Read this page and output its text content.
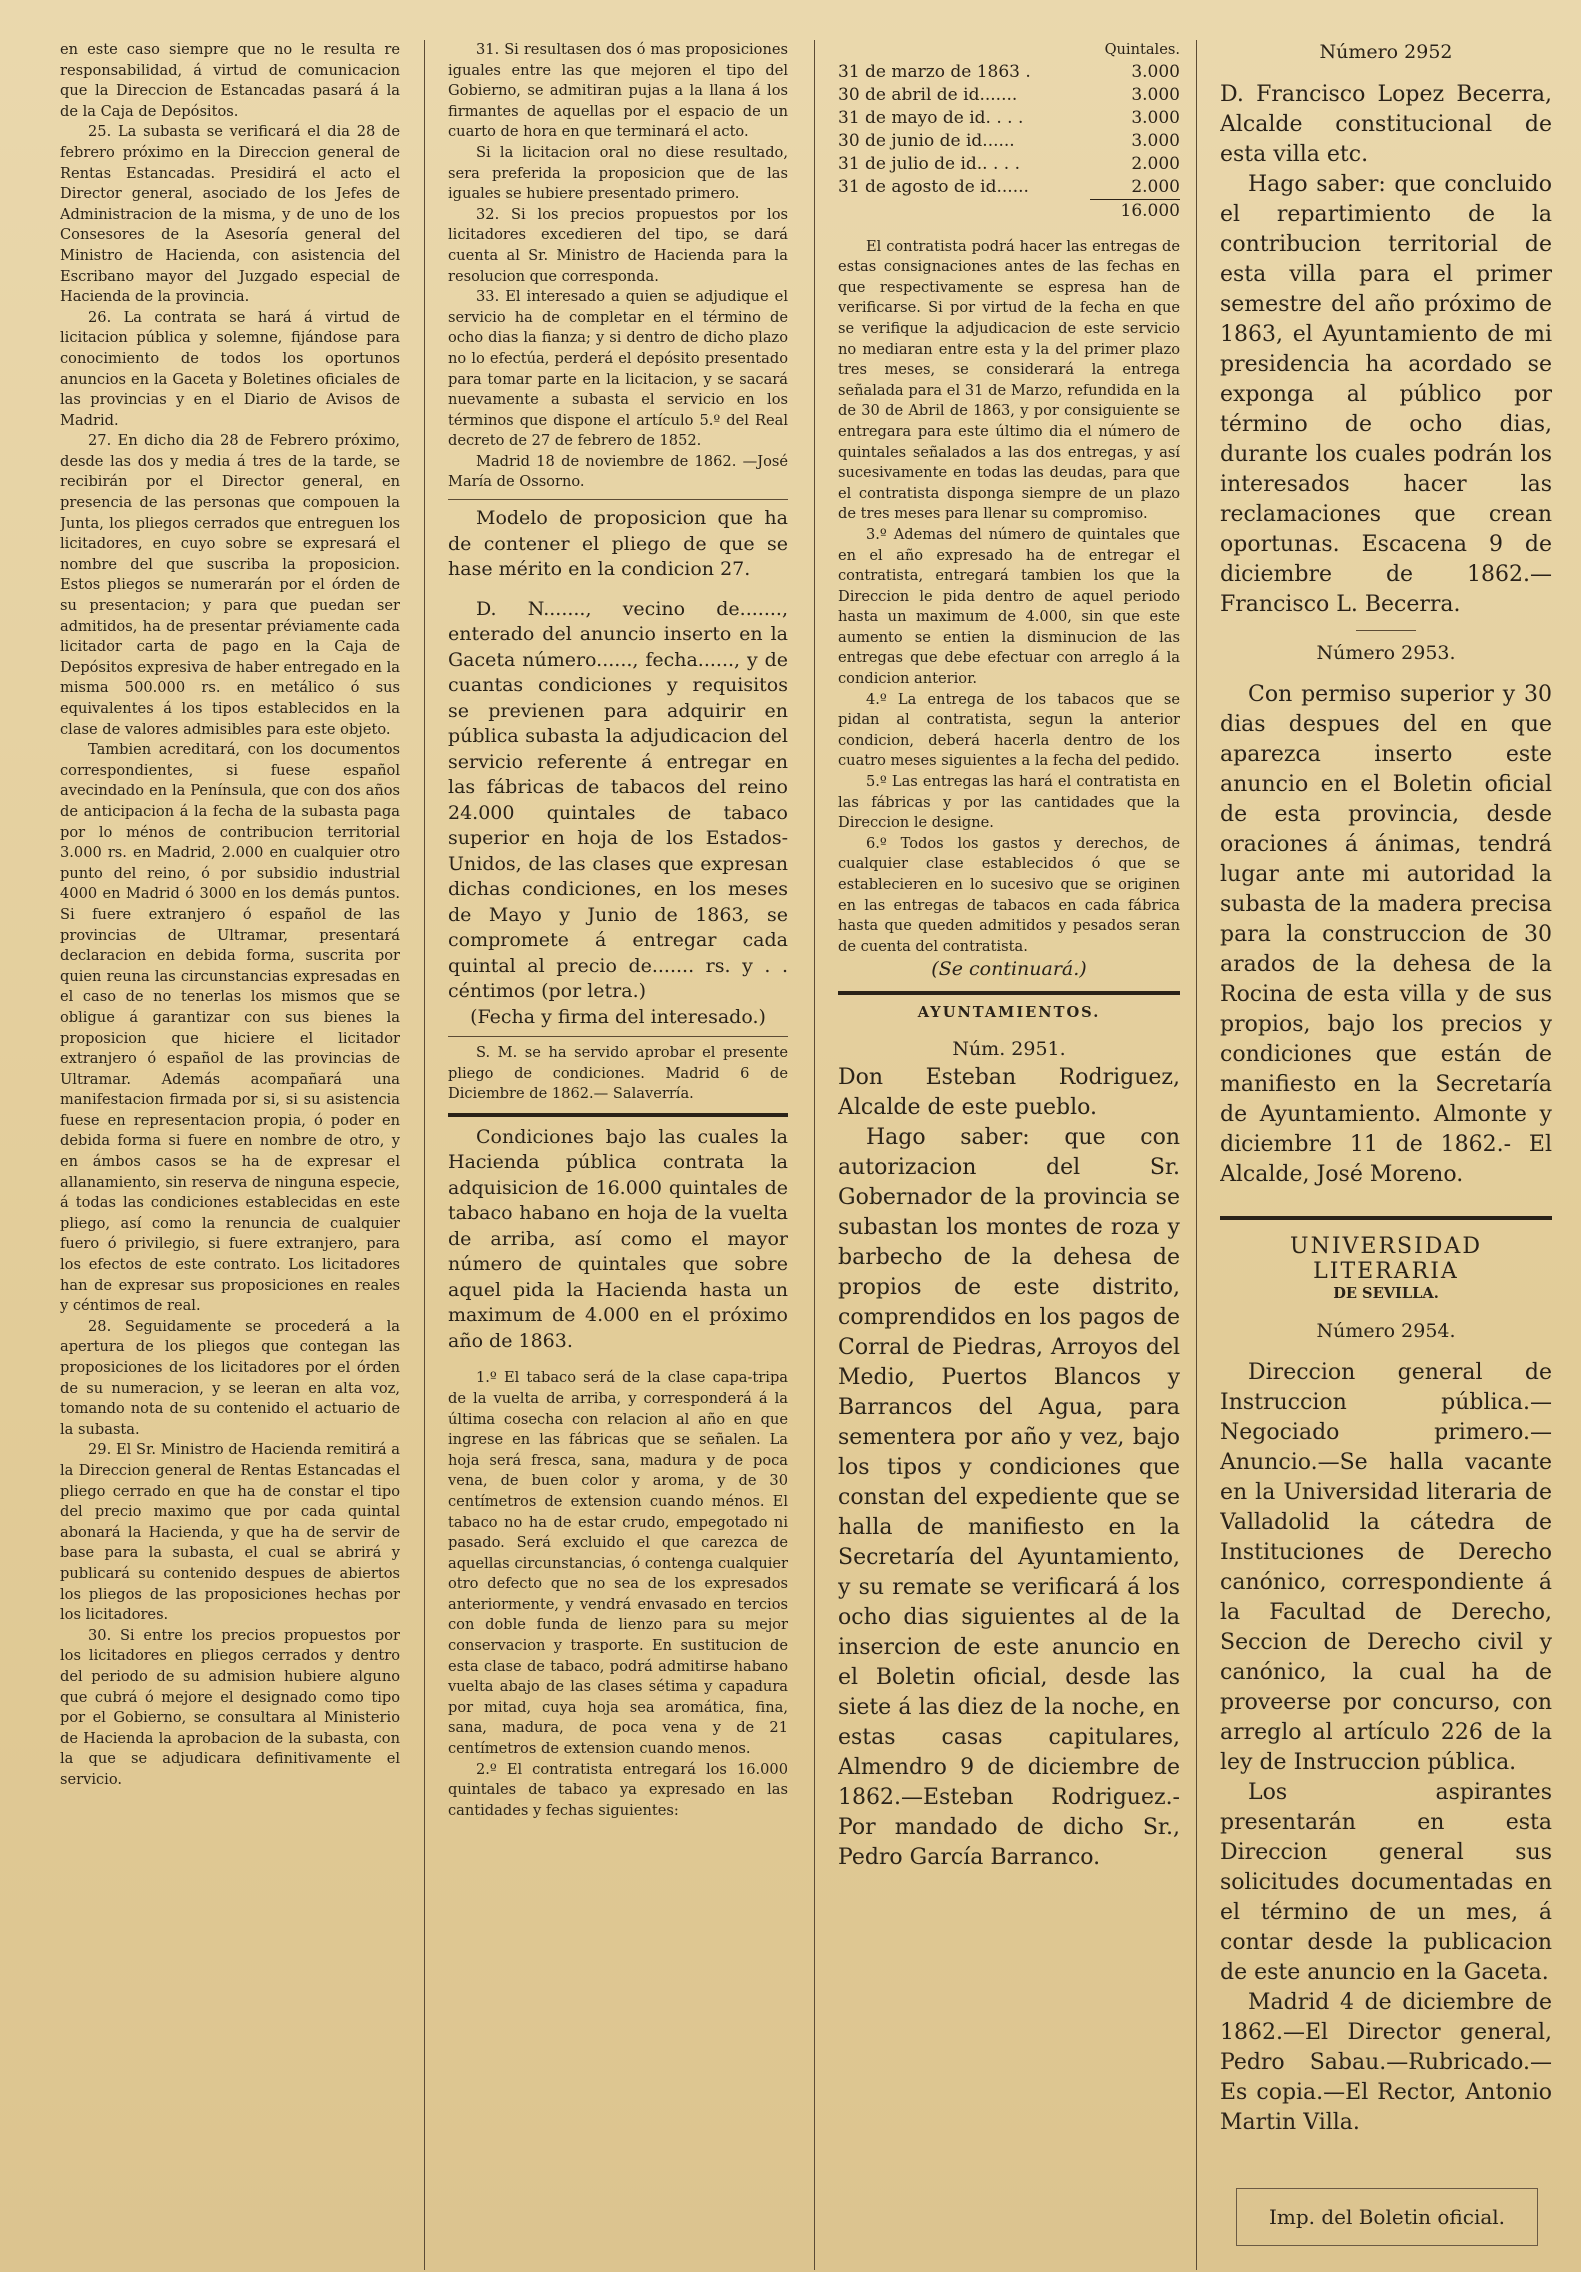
en este caso siempre que no le resulta re responsabilidad, á virtud de comunicacion que la Direccion de Estancadas pasará á la de la Caja de Depósitos.

25. La subasta se verificará el dia 28 de febrero próximo en la Direccion general de Rentas Estancadas. Presidirá el acto el Director general, asociado de los Jefes de Administracion de la misma, y de uno de los Consesores de la Asesoría general del Ministro de Hacienda, con asistencia del Escribano mayor del Juzgado especial de Hacienda de la provincia.

26. La contrata se hará á virtud de licitacion pública y solemne, fijándose para conocimiento de todos los oportunos anuncios en la Gaceta y Boletines oficiales de las provincias y en el Diario de Avisos de Madrid.

27. En dicho dia 28 de Febrero próximo, desde las dos y media á tres de la tarde, se recibirán por el Director general, en presencia de las personas que compouen la Junta, los pliegos cerrados que entreguen los licitadores, en cuyo sobre se expresará el nombre del que suscriba la proposicion. Estos pliegos se numerarán por el órden de su presentacion; y para que puedan ser admitidos, ha de presentar préviamente cada licitador carta de pago en la Caja de Depósitos expresiva de haber entregado en la misma 500.000 rs. en metálico ó sus equivalentes á los tipos establecidos en la clase de valores admisibles para este objeto.

Tambien acreditará, con los documentos correspondientes, si fuese español avecindado en la Península, que con dos años de anticipacion á la fecha de la subasta paga por lo ménos de contribucion territorial 3.000 rs. en Madrid, 2.000 en cualquier otro punto del reino, ó por subsidio industrial 4000 en Madrid ó 3000 en los demás puntos. Si fuere extranjero ó español de las provincias de Ultramar, presentará declaracion en debida forma, suscrita por quien reuna las circunstancias expresadas en el caso de no tenerlas los mismos que se obligue á garantizar con sus bienes la proposicion que hiciere el licitador extranjero ó español de las provincias de Ultramar. Además acompañará una manifestacion firmada por si, si su asistencia fuese en representacion propia, ó poder en debida forma si fuere en nombre de otro, y en ámbos casos se ha de expresar el allanamiento, sin reserva de ninguna especie, á todas las condiciones establecidas en este pliego, así como la renuncia de cualquier fuero ó privilegio, si fuere extranjero, para los efectos de este contrato. Los licitadores han de expresar sus proposiciones en reales y céntimos de real.

28. Seguidamente se procederá a la apertura de los pliegos que contegan las proposiciones de los licitadores por el órden de su numeracion, y se leeran en alta voz, tomando nota de su contenido el actuario de la subasta.

29. El Sr. Ministro de Hacienda remitirá a la Direccion general de Rentas Estancadas el pliego cerrado en que ha de constar el tipo del precio maximo que por cada quintal abonará la Hacienda, y que ha de servir de base para la subasta, el cual se abrirá y publicará su contenido despues de abiertos los pliegos de las proposiciones hechas por los licitadores.

30. Si entre los precios propuestos por los licitadores en pliegos cerrados y dentro del periodo de su admision hubiere alguno que cubrá ó mejore el designado como tipo por el Gobierno, se consultara al Ministerio de Hacienda la aprobacion de la subasta, con la que se adjudicara definitivamente el servicio.

31. Si resultasen dos ó mas proposiciones iguales entre las que mejoren el tipo del Gobierno, se admitiran pujas a la llana á los firmantes de aquellas por el espacio de un cuarto de hora en que terminará el acto.

Si la licitacion oral no diese resultado, sera preferida la proposicion que de las iguales se hubiere presentado primero.

32. Si los precios propuestos por los licitadores excedieren del tipo, se dará cuenta al Sr. Ministro de Hacienda para la resolucion que corresponda.

33. El interesado a quien se adjudique el servicio ha de completar en el término de ocho dias la fianza; y si dentro de dicho plazo no lo efectúa, perderá el depósito presentado para tomar parte en la licitacion, y se sacará nuevamente a subasta el servicio en los términos que dispone el artículo 5.º del Real decreto de 27 de febrero de 1852.

Madrid 18 de noviembre de 1862. —José María de Ossorno.

Modelo de proposicion que ha de contener el pliego de que se hase mérito en la condicion 27.

D. N......., vecino de......., enterado del anuncio inserto en la Gaceta número......, fecha......, y de cuantas condiciones y requisitos se previenen para adquirir en pública subasta la adjudicacion del servicio referente á entregar en las fábricas de tabacos del reino 24.000 quintales de tabaco superior en hoja de los Estados-Unidos, de las clases que expresan dichas condiciones, en los meses de Mayo y Junio de 1863, se compromete á entregar cada quintal al precio de....... rs. y . . céntimos (por letra.)

(Fecha y firma del interesado.)

S. M. se ha servido aprobar el presente pliego de condiciones. Madrid 6 de Diciembre de 1862.— Salaverría.

Condiciones bajo las cuales la Hacienda pública contrata la adquisicion de 16.000 quintales de tabaco habano en hoja de la vuelta de arriba, así como el mayor número de quintales que sobre aquel pida la Hacienda hasta un maximum de 4.000 en el próximo año de 1863.

1.º El tabaco será de la clase capa-tripa de la vuelta de arriba, y corresponderá á la última cosecha con relacion al año en que ingrese en las fábricas que se señalen. La hoja será fresca, sana, madura y de poca vena, de buen color y aroma, y de 30 centímetros de extension cuando ménos. El tabaco no ha de estar crudo, empegotado ni pasado. Será excluido el que carezca de aquellas circunstancias, ó contenga cualquier otro defecto que no sea de los expresados anteriormente, y vendrá envasado en tercios con doble funda de lienzo para su mejor conservacion y trasporte. En sustitucion de esta clase de tabaco, podrá admitirse habano vuelta abajo de las clases sétima y capadura por mitad, cuya hoja sea aromática, fina, sana, madura, de poca vena y de 21 centímetros de extension cuando menos.

2.º El contratista entregará los 16.000 quintales de tabaco ya expresado en las cantidades y fechas siguientes:

Quintales.

31 de marzo de 1863 .	3.000
30 de abril de id.......	3.000
31 de mayo de id. . . .	3.000
30 de junio de id......	3.000
31 de julio de id.. . . .	2.000
31 de agosto de id......	2.000
	16.000

El contratista podrá hacer las entregas de estas consignaciones antes de las fechas en que respectivamente se espresa han de verificarse. Si por virtud de la fecha en que se verifique la adjudicacion de este servicio no mediaran entre esta y la del primer plazo tres meses, se considerará la entrega señalada para el 31 de Marzo, refundida en la de 30 de Abril de 1863, y por consiguiente se entregara para este último dia el número de quintales señalados a las dos entregas, y así sucesivamente en todas las deudas, para que el contratista disponga siempre de un plazo de tres meses para llenar su compromiso.

3.º Ademas del número de quintales que en el año expresado ha de entregar el contratista, entregará tambien los que la Direccion le pida dentro de aquel periodo hasta un maximum de 4.000, sin que este aumento se entien la disminucion de las entregas que debe efectuar con arreglo á la condicion anterior.

4.º La entrega de los tabacos que se pidan al contratista, segun la anterior condicion, deberá hacerla dentro de los cuatro meses siguientes a la fecha del pedido.

5.º Las entregas las hará el contratista en las fábricas y por las cantidades que la Direccion le designe.

6.º Todos los gastos y derechos, de cualquier clase establecidos ó que se establecieren en lo sucesivo que se originen en las entregas de tabacos en cada fábrica hasta que queden admitidos y pesados seran de cuenta del contratista.

(Se continuará.)

AYUNTAMIENTOS.

Núm. 2951.

Don Esteban Rodriguez, Alcalde de este pueblo.

Hago saber: que con autorizacion del Sr. Gobernador de la provincia se subastan los montes de roza y barbecho de la dehesa de propios de este distrito, comprendidos en los pagos de Corral de Piedras, Arroyos del Medio, Puertos Blancos y Barrancos del Agua, para sementera por año y vez, bajo los tipos y condiciones que constan del expediente que se halla de manifiesto en la Secretaría del Ayuntamiento, y su remate se verificará á los ocho dias siguientes al de la insercion de este anuncio en el Boletin oficial, desde las siete á las diez de la noche, en estas casas capitulares, Almendro 9 de diciembre de 1862.—Esteban Rodriguez.-Por mandado de dicho Sr., Pedro García Barranco.

Número 2952

D. Francisco Lopez Becerra, Alcalde constitucional de esta villa etc.

Hago saber: que concluido el repartimiento de la contribucion territorial de esta villa para el primer semestre del año próximo de 1863, el Ayuntamiento de mi presidencia ha acordado se exponga al público por término de ocho dias, durante los cuales podrán los interesados hacer las reclamaciones que crean oportunas. Escacena 9 de diciembre de 1862.—Francisco L. Becerra.

Número 2953.

Con permiso superior y 30 dias despues del en que aparezca inserto este anuncio en el Boletin oficial de esta provincia, desde oraciones á ánimas, tendrá lugar ante mi autoridad la subasta de la madera precisa para la construccion de 30 arados de la dehesa de la Rocina de esta villa y de sus propios, bajo los precios y condiciones que están de manifiesto en la Secretaría de Ayuntamiento. Almonte y diciembre 11 de 1862.- El Alcalde, José Moreno.

UNIVERSIDAD LITERARIA

DE SEVILLA.

Número 2954.

Direccion general de Instruccion pública.—Negociado primero.—Anuncio.—Se halla vacante en la Universidad literaria de Valladolid la cátedra de Instituciones de Derecho canónico, correspondiente á la Facultad de Derecho, Seccion de Derecho civil y canónico, la cual ha de proveerse por concurso, con arreglo al artículo 226 de la ley de Instruccion pública.

Los aspirantes presentarán en esta Direccion general sus solicitudes documentadas en el término de un mes, á contar desde la publicacion de este anuncio en la Gaceta.

Madrid 4 de diciembre de 1862.—El Director general, Pedro Sabau.—Rubricado.—Es copia.—El Rector, Antonio Martin Villa.

Imp. del Boletin oficial.
